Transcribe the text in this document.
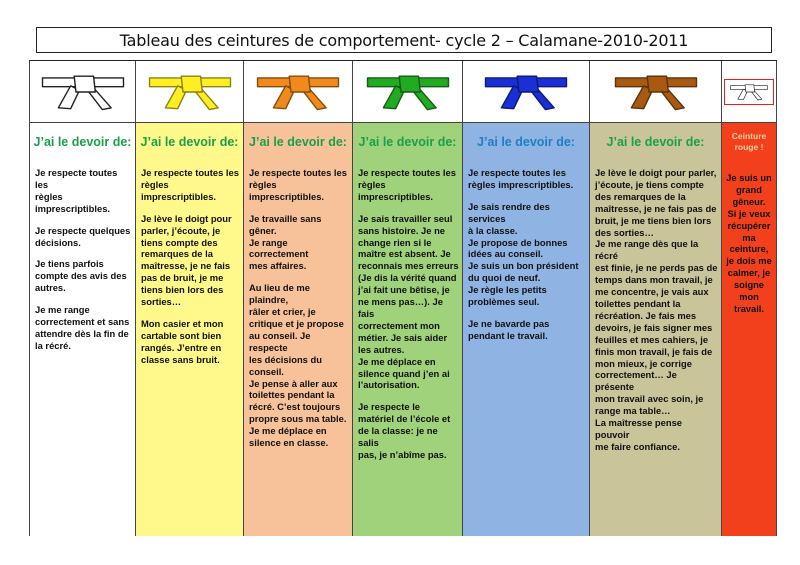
Tableau des ceintures de comportement- cycle 2 – Calamane-2010-2011
J’ai le devoir de:

Je respecte toutes les
règles
imprescriptibles.

Je respecte quelques
décisions.

Je tiens parfois
compte des avis des
autres.

Je me range
correctement et sans
attendre dès la fin de
la récré.

J’ai le devoir de:

Je respecte toutes les
règles
imprescriptibles.

Je lève le doigt pour
parler, j’écoute, je
tiens compte des
remarques de la
maîtresse, je ne fais
pas de bruit, je me
tiens bien lors des
sorties…

Mon casier et mon
cartable sont bien
rangés. J’entre en
classe sans bruit.

J’ai le devoir de:

Je respecte toutes les
règles imprescriptibles.

Je travaille sans gêner.
Je range correctement
mes affaires.

Au lieu de me plaindre,
râler et crier, je
critique et je propose
au conseil. Je respecte
les décisions du
conseil.
Je pense à aller aux
toilettes pendant la
récré. C’est toujours
propre sous ma table.
Je me déplace en
silence en classe.

J’ai le devoir de:

Je respecte toutes les
règles
imprescriptibles.

Je sais travailler seul
sans histoire. Je ne
change rien si le
maître est absent. Je
reconnais mes erreurs
(Je dis la vérité quand
j’ai fait une bêtise, je
ne mens pas…). Je fais
correctement mon
métier. Je sais aider
les autres.
Je me déplace en
silence quand j’en ai
l’autorisation.

Je respecte le
matériel de l’école et
de la classe: je ne salis
pas, je n’abîme pas.

J’ai le devoir de:

Je respecte toutes les
règles imprescriptibles.

Je sais rendre des services
à la classe.
Je propose de bonnes
idées au conseil.
Je suis un bon président
du quoi de neuf.
Je règle les petits
problèmes seul.

Je ne bavarde pas
pendant le travail.

J’ai le devoir de:

Je lève le doigt pour parler,
j’écoute, je tiens compte
des remarques de la
maîtresse, je ne fais pas de
bruit, je me tiens bien lors
des sorties…
Je me range dès que la récré
est finie, je ne perds pas de
temps dans mon travail, je
me concentre, je vais aux
toilettes pendant la
récréation. Je fais mes
devoirs, je fais signer mes
feuilles et mes cahiers, je
finis mon travail, je fais de
mon mieux, je corrige
correctement… Je présente
mon travail avec soin, je
range ma table…
La maîtresse pense pouvoir
me faire confiance.

Ceinture
rouge !
Je suis un
grand
gêneur.
Si je veux
récupérer
ma
ceinture,
je dois me
calmer, je
soigne
mon
travail.
